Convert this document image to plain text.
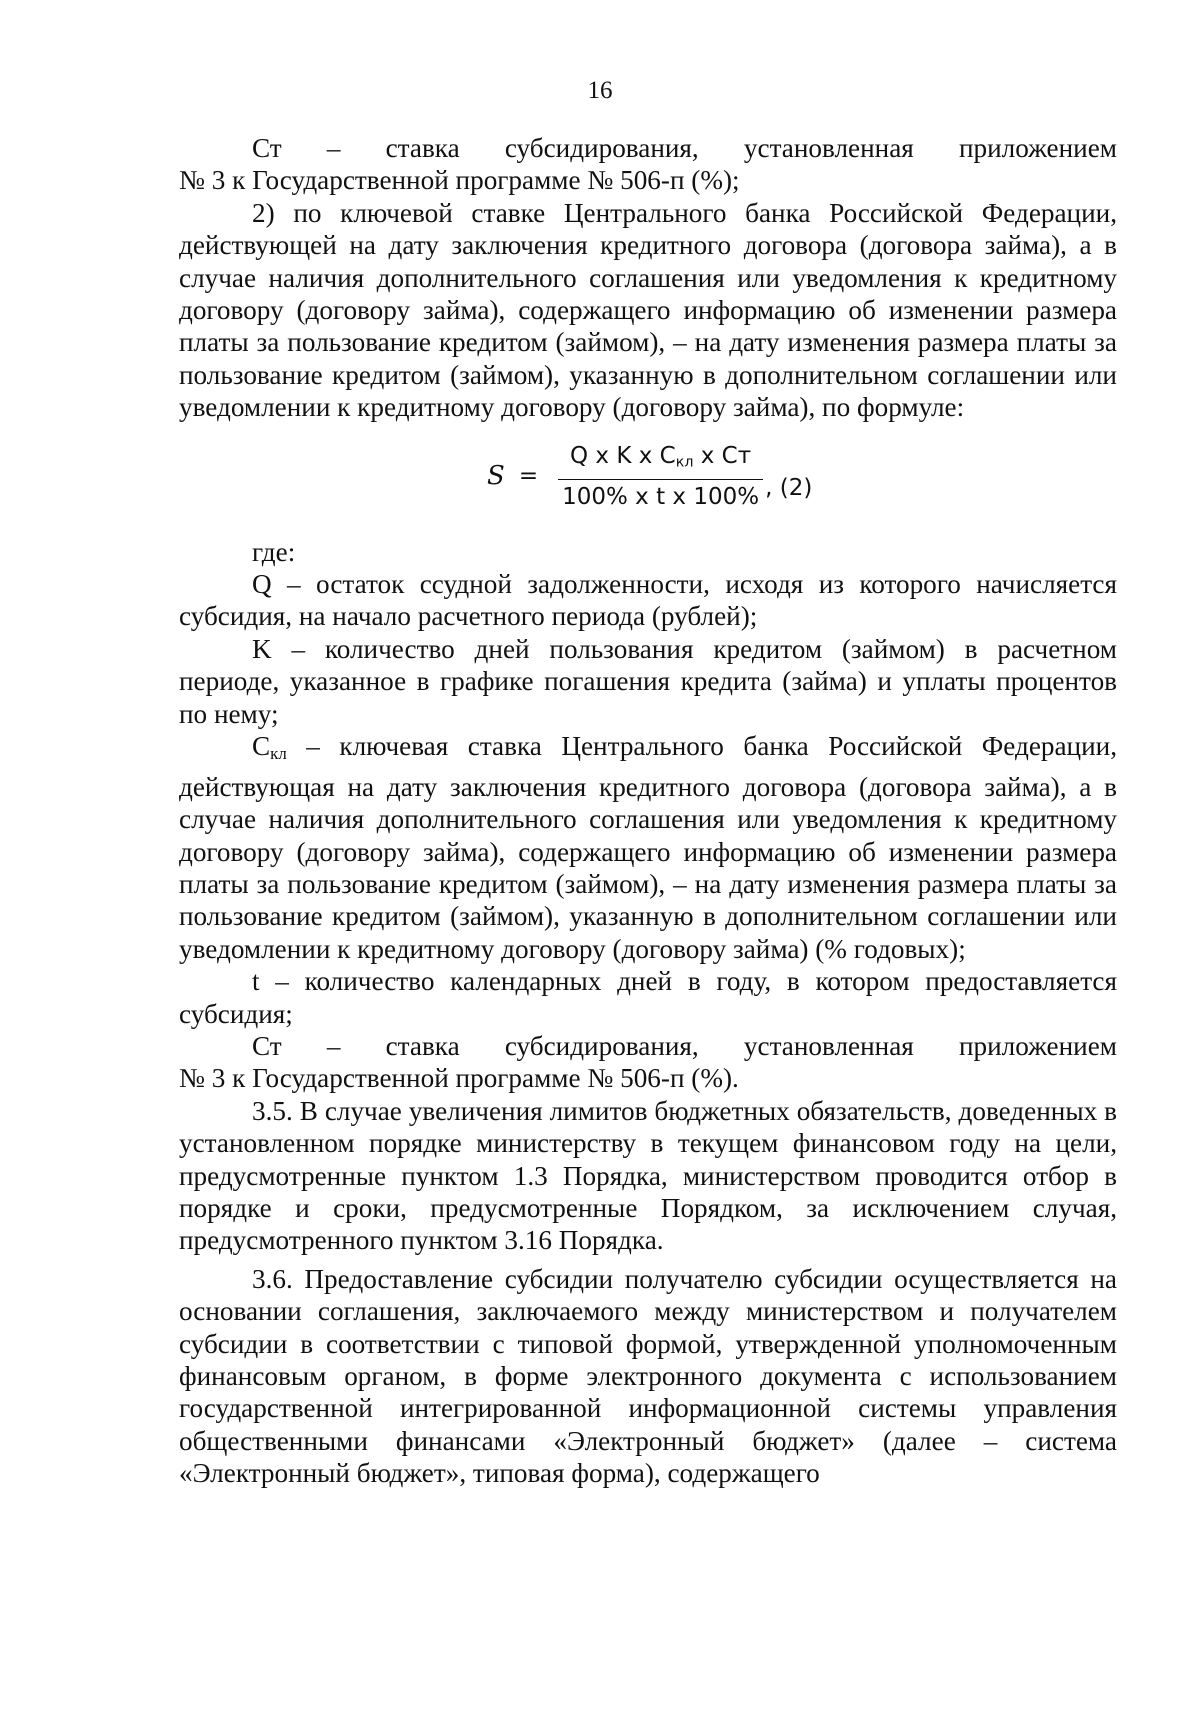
16

Ст – ставка субсидирования, установленная приложением

№ 3 к Государственной программе № 506-п (%);

2) по ключевой ставке Центрального банка Российской Федерации, действующей на дату заключения кредитного договора (договора займа), а в случае наличия дополнительного соглашения или уведомления к кредитному договору (договору займа), содержащего информацию об изменении размера платы за пользование кредитом (займом), – на дату изменения размера платы за пользование кредитом (займом), указанную в дополнительном соглашении или уведомлении к кредитному договору (договору займа), по формуле:

$S = \frac{Q x K x C_{кл} x Ст}{\text{100\% x t x 100\%}}$ , (2)

где:

Q – остаток ссудной задолженности, исходя из которого начисляется субсидия, на начало расчетного периода (рублей);

K – количество дней пользования кредитом (займом) в расчетном периоде, указанное в графике погашения кредита (займа) и уплаты процентов по нему;

$С_{кл}$ – ключевая ставка Центрального банка Российской Федерации, действующая на дату заключения кредитного договора (договора займа), а в случае наличия дополнительного соглашения или уведомления к кредитному договору (договору займа), содержащего информацию об изменении размера платы за пользование кредитом (займом), – на дату изменения размера платы за пользование кредитом (займом), указанную в дополнительном соглашении или уведомлении к кредитному договору (договору займа) (% годовых);

t – количество календарных дней в году, в котором предоставляется субсидия;

Ст – ставка субсидирования, установленная приложением

№ 3 к Государственной программе № 506-п (%).

3.5. В случае увеличения лимитов бюджетных обязательств, доведенных в установленном порядке министерству в текущем финансовом году на цели, предусмотренные пунктом 1.3 Порядка, министерством проводится отбор в порядке и сроки, предусмотренные Порядком, за исключением случая, предусмотренного пунктом 3.16 Порядка.

3.6. Предоставление субсидии получателю субсидии осуществляется на основании соглашения, заключаемого между министерством и получателем субсидии в соответствии с типовой формой, утвержденной уполномоченным финансовым органом, в форме электронного документа с использованием государственной интегрированной информационной системы управления общественными финансами «Электронный бюджет» (далее – система «Электронный бюджет», типовая форма), содержащего
